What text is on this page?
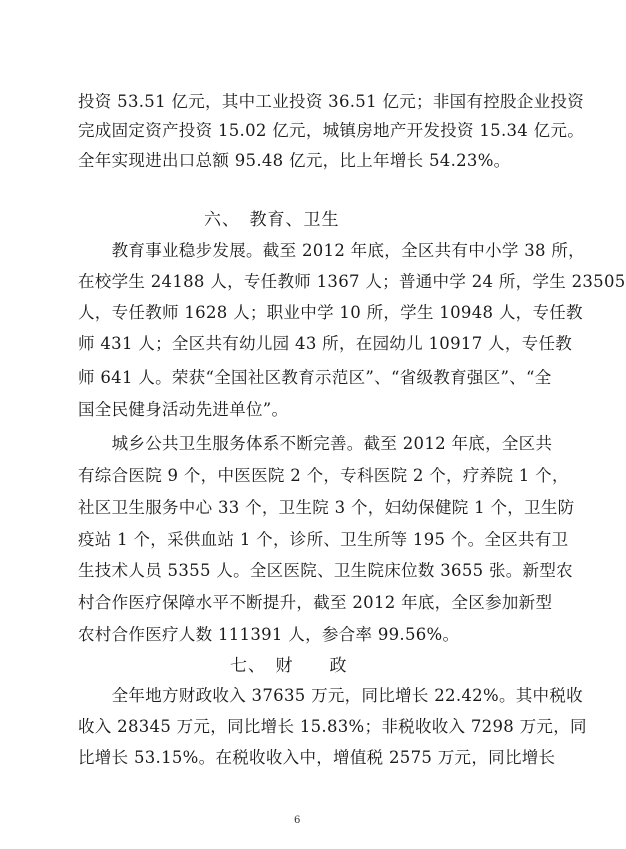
投资 53.51 亿元，其中工业投资 36.51 亿元；非国有控股企业投资
完成固定资产投资 15.02 亿元，城镇房地产开发投资 15.34 亿元。
全年实现进出口总额 95.48 亿元，比上年增长 54.23%。
六、　教育、卫生
　　教育事业稳步发展。截至 2012 年底，全区共有中小学 38 所，
在校学生 24188 人，专任教师 1367 人；普通中学 24 所，学生 23505
人，专任教师 1628 人；职业中学 10 所，学生 10948 人，专任教
师 431 人；全区共有幼儿园 43 所，在园幼儿 10917 人，专任教
师 641 人。荣获“全国社区教育示范区”、“省级教育强区”、“全
国全民健身活动先进单位”。
　　城乡公共卫生服务体系不断完善。截至 2012 年底，全区共
有综合医院 9 个，中医医院 2 个，专科医院 2 个，疗养院 1 个，
社区卫生服务中心 33 个，卫生院 3 个，妇幼保健院 1 个，卫生防
疫站 1 个，采供血站 1 个，诊所、卫生所等 195 个。全区共有卫
生技术人员 5355 人。全区医院、卫生院床位数 3655 张。新型农
村合作医疗保障水平不断提升，截至 2012 年底，全区参加新型
农村合作医疗人数 111391 人，参合率 99.56%。
七、　财　　政
　　全年地方财政收入 37635 万元，同比增长 22.42%。其中税收
收入 28345 万元，同比增长 15.83%；非税收收入 7298 万元，同
比增长 53.15%。在税收收入中，增值税 2575 万元，同比增长
6
